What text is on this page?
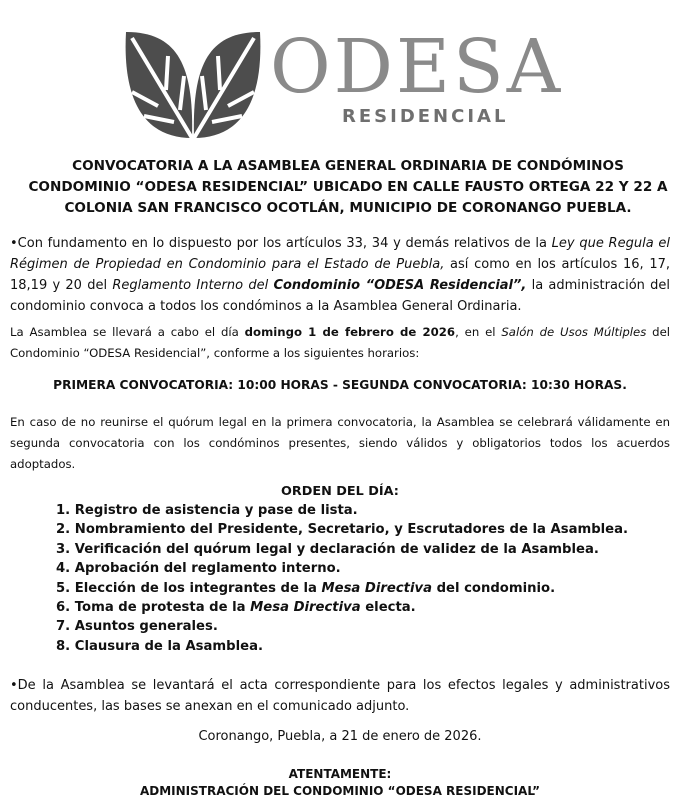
ODESA
RESIDENCIAL
CONVOCATORIA A LA ASAMBLEA GENERAL ORDINARIA DE CONDÓMINOS
CONDOMINIO “ODESA RESIDENCIAL” UBICADO EN CALLE FAUSTO ORTEGA 22 Y 22 A
COLONIA SAN FRANCISCO OCOTLÁN, MUNICIPIO DE CORONANGO PUEBLA.
•Con fundamento en lo dispuesto por los artículos 33, 34 y demás relativos de la Ley que Regula el Régimen de Propiedad en Condominio para el Estado de Puebla, así como en los artículos 16, 17, 18,19 y 20 del Reglamento Interno del Condominio “ODESA Residencial”, la administración del condominio convoca a todos los condóminos a la Asamblea General Ordinaria.
La Asamblea se llevará a cabo el día domingo 1 de febrero de 2026, en el Salón de Usos Múltiples del Condominio “ODESA Residencial”, conforme a los siguientes horarios:
PRIMERA CONVOCATORIA: 10:00 HORAS - SEGUNDA CONVOCATORIA: 10:30 HORAS.
En caso de no reunirse el quórum legal en la primera convocatoria, la Asamblea se celebrará válidamente en segunda convocatoria con los condóminos presentes, siendo válidos y obligatorios todos los acuerdos adoptados.
ORDEN DEL DÍA:
1. Registro de asistencia y pase de lista.
2. Nombramiento del Presidente, Secretario, y Escrutadores de la Asamblea.
3. Verificación del quórum legal y declaración de validez de la Asamblea.
4. Aprobación del reglamento interno.
5. Elección de los integrantes de la Mesa Directiva del condominio.
6. Toma de protesta de la Mesa Directiva electa.
7. Asuntos generales.
8. Clausura de la Asamblea.
•De la Asamblea se levantará el acta correspondiente para los efectos legales y administrativos conducentes, las bases se anexan en el comunicado adjunto.
Coronango, Puebla, a 21 de enero de 2026.
ATENTAMENTE:
ADMINISTRACIÓN DEL CONDOMINIO “ODESA RESIDENCIAL”
